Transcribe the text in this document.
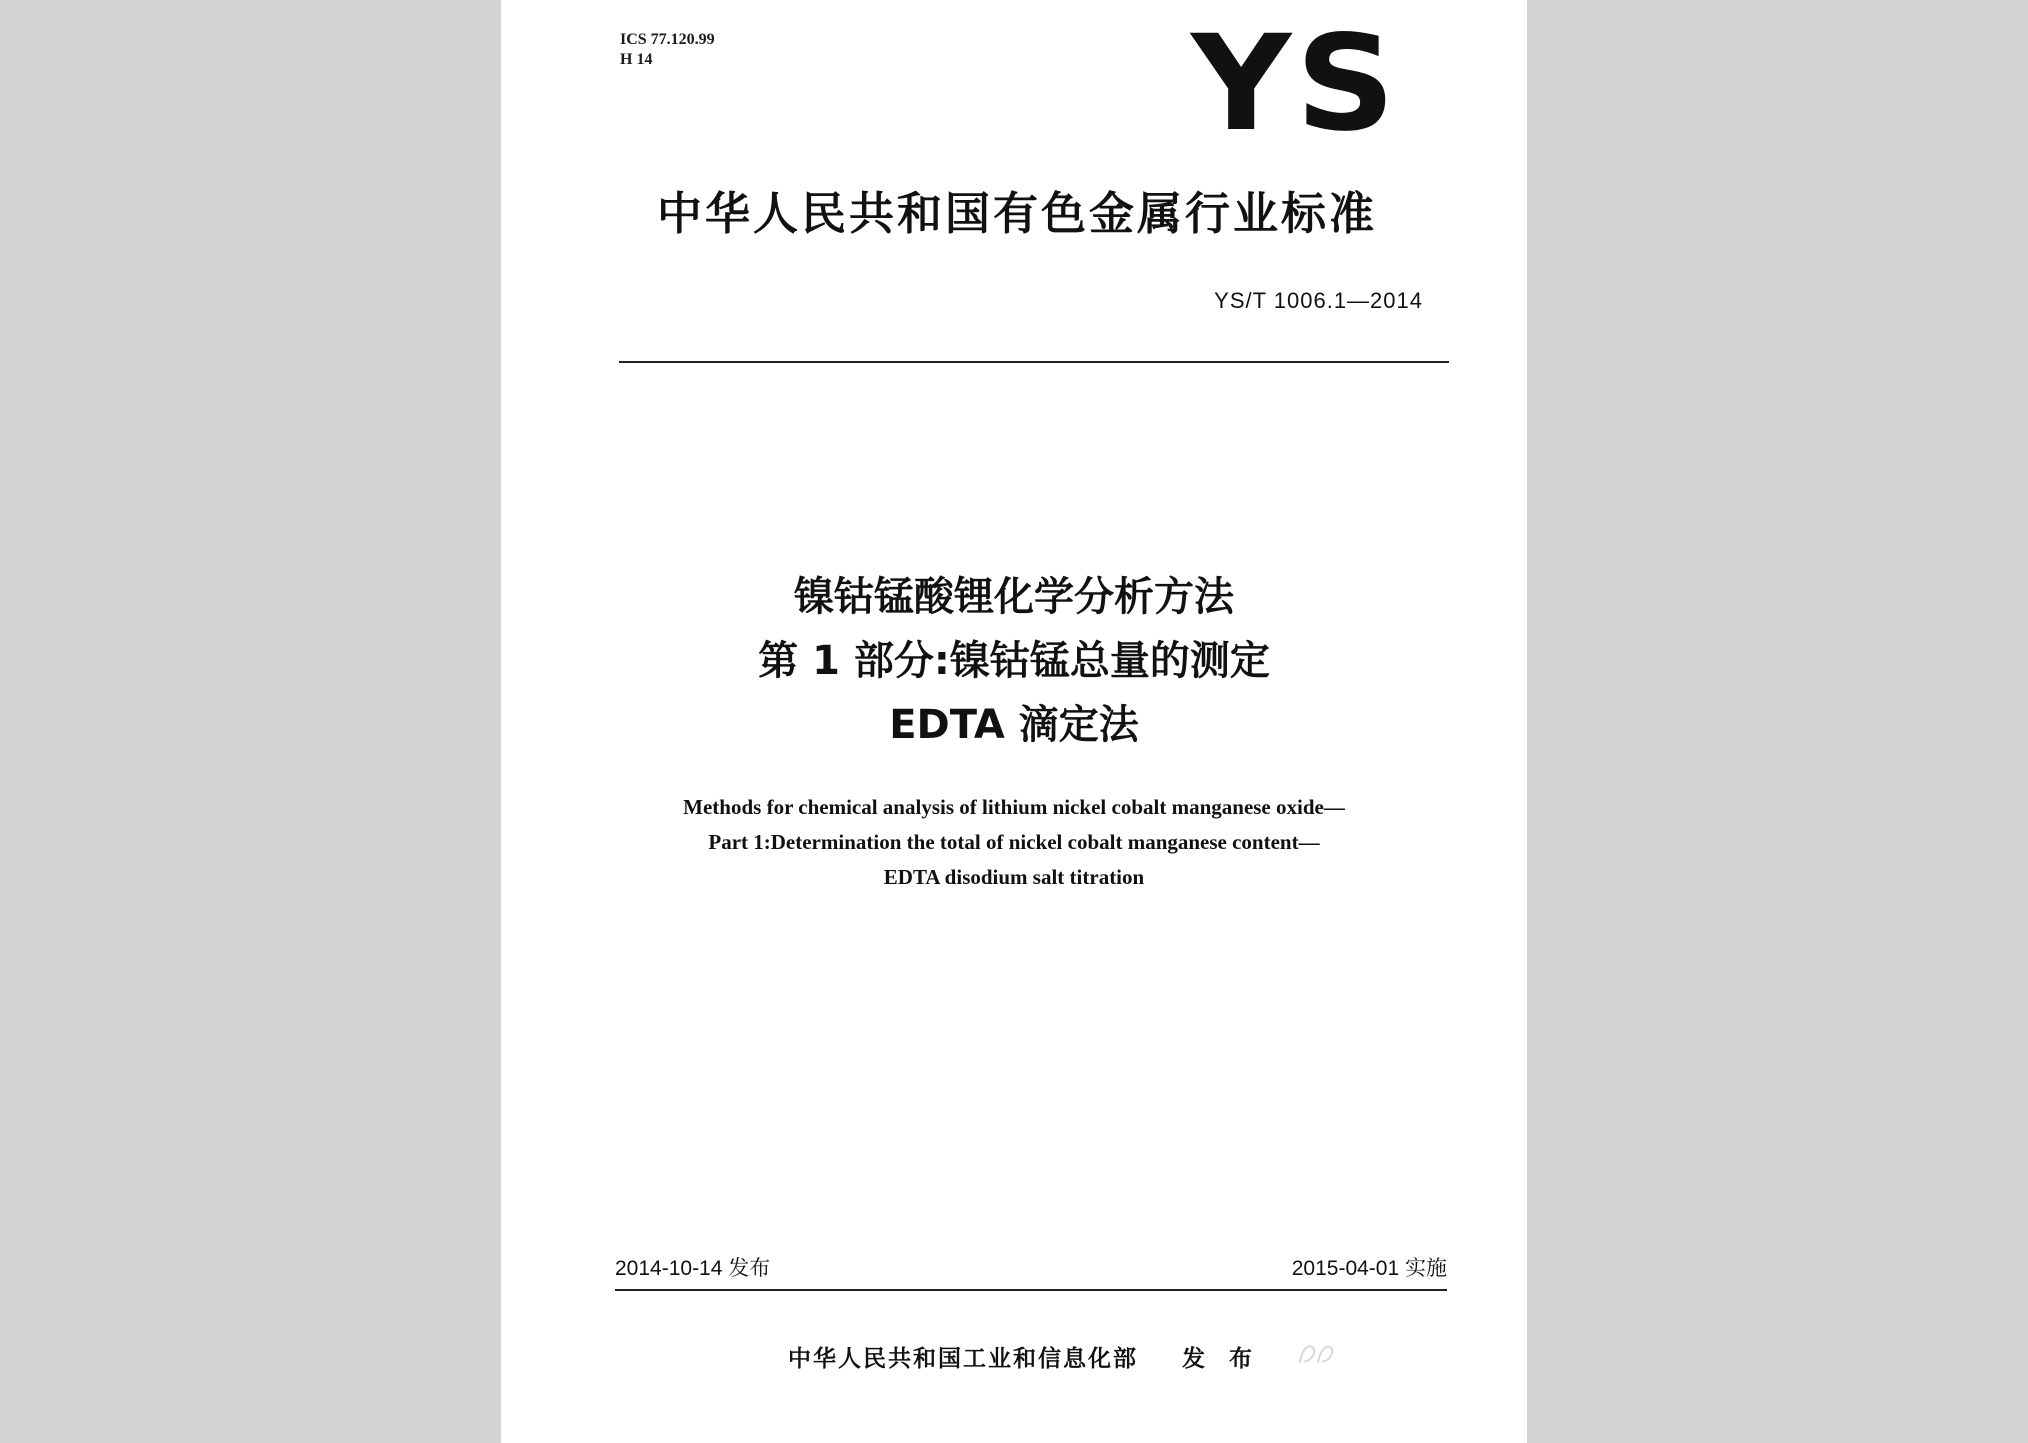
ICS 77.120.99
H 14	YS
中华人民共和国有色金属行业标准
YS/T 1006.1—2014
镍钴锰酸锂化学分析方法
第 1 部分:镍钴锰总量的测定
EDTA 滴定法
Methods for chemical analysis of lithium nickel cobalt manganese oxide—
Part 1:Determination the total of nickel cobalt manganese content—
EDTA disodium salt titration
2014-10-14 发布	2015-04-01 实施
中华人民共和国工业和信息化部 发 布
